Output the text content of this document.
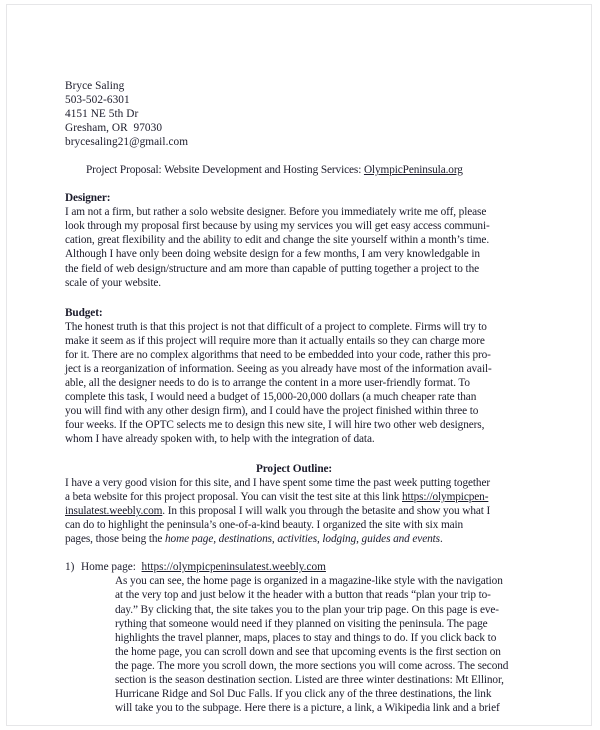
Bryce Saling
503-502-6301
4151 NE 5th Dr
Gresham, OR  97030
brycesaling21@gmail.com
Project Proposal: Website Development and Hosting Services: OlympicPeninsula.org
Designer:
I am not a firm, but rather a solo website designer. Before you immediately write me off, please
look through my proposal first because by using my services you will get easy access communi-
cation, great flexibility and the ability to edit and change the site yourself within a month’s time.
Although I have only been doing website design for a few months, I am very knowledgable in
the field of web design/structure and am more than capable of putting together a project to the
scale of your website.
Budget:
The honest truth is that this project is not that difficult of a project to complete. Firms will try to
make it seem as if this project will require more than it actually entails so they can charge more
for it. There are no complex algorithms that need to be embedded into your code, rather this pro-
ject is a reorganization of information. Seeing as you already have most of the information avail-
able, all the designer needs to do is to arrange the content in a more user-friendly format. To
complete this task, I would need a budget of 15,000-20,000 dollars (a much cheaper rate than
you will find with any other design firm), and I could have the project finished within three to
four weeks. If the OPTC selects me to design this new site, I will hire two other web designers,
whom I have already spoken with, to help with the integration of data.
Project Outline:
I have a very good vision for this site, and I have spent some time the past week putting together
a beta website for this project proposal. You can visit the test site at this link https://olympicpen-
insulatest.weebly.com. In this proposal I will walk you through the betasite and show you what I
can do to highlight the peninsula’s one-of-a-kind beauty. I organized the site with six main
pages, those being the home page, destinations, activities, lodging, guides and events.
1) Home page: https://olympicpeninsulatest.weebly.com
As you can see, the home page is organized in a magazine-like style with the navigation
at the very top and just below it the header with a button that reads “plan your trip to-
day.” By clicking that, the site takes you to the plan your trip page. On this page is eve-
rything that someone would need if they planned on visiting the peninsula. The page
highlights the travel planner, maps, places to stay and things to do. If you click back to
the home page, you can scroll down and see that upcoming events is the first section on
the page. The more you scroll down, the more sections you will come across. The second
section is the season destination section. Listed are three winter destinations: Mt Ellinor,
Hurricane Ridge and Sol Duc Falls. If you click any of the three destinations, the link
will take you to the subpage. Here there is a picture, a link, a Wikipedia link and a brief
